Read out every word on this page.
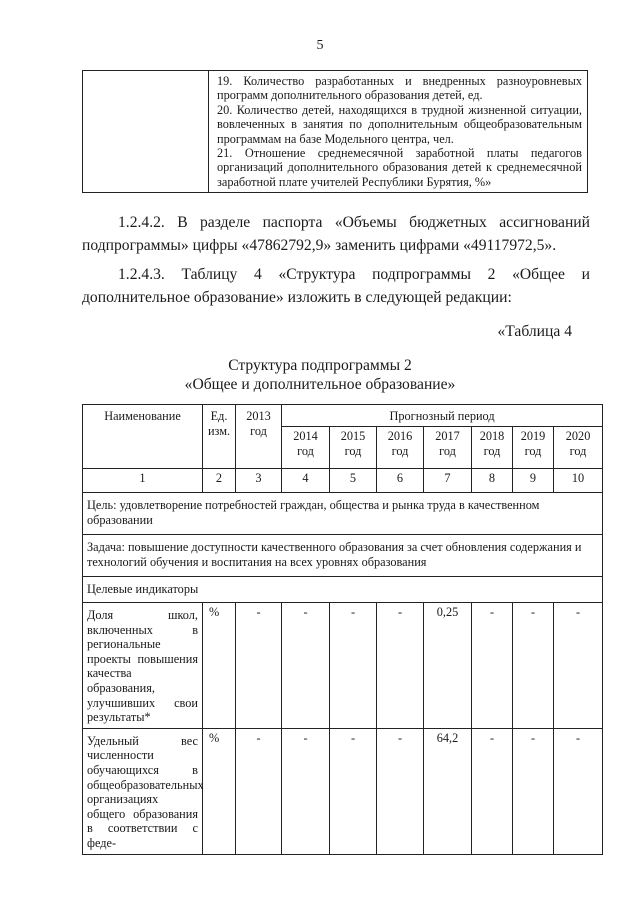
5

19. Количество разработанных и внедренных разноуровневых программ дополнительного образования детей, ед.
20. Количество детей, находящихся в трудной жизненной ситуации, вовлеченных в занятия по дополнительным общеобразовательным программам на базе Модельного центра, чел.
21. Отношение среднемесячной заработной платы педагогов организаций дополнительного образования детей к среднемесячной заработной плате учителей Республики Бурятия, %»

1.2.4.2. В разделе паспорта «Объемы бюджетных ассигнований подпрограммы» цифры «47862792,9» заменить цифрами «49117972,5».

1.2.4.3. Таблицу 4 «Структура подпрограммы 2 «Общее и дополнительное образование» изложить в следующей редакции:

«Таблица 4
Структура подпрограммы 2
«Общее и дополнительное образование»
Наименование	Ед. изм.	2013 год	Прогнозный период						
			2014 год	2015 год	2016 год	2017 год	2018 год	2019 год	2020 год
1	2	3	4	5	6	7	8	9	10
Цель: удовлетворение потребностей граждан, общества и рынка труда в качественном образовании									
Задача: повышение доступности качественного образования за счет обновления содержания и технологий обучения и воспитания на всех уровнях образования									
Целевые индикаторы									
Доля школ, включенных в региональные проекты повышения качества образования, улучшивших свои результаты*	%	-	-	-	-	0,25	-	-	-
Удельный вес численности обучающихся в общеобразовательных организациях общего образования в соответствии с феде-	%	-	-	-	-	64,2	-	-	-
